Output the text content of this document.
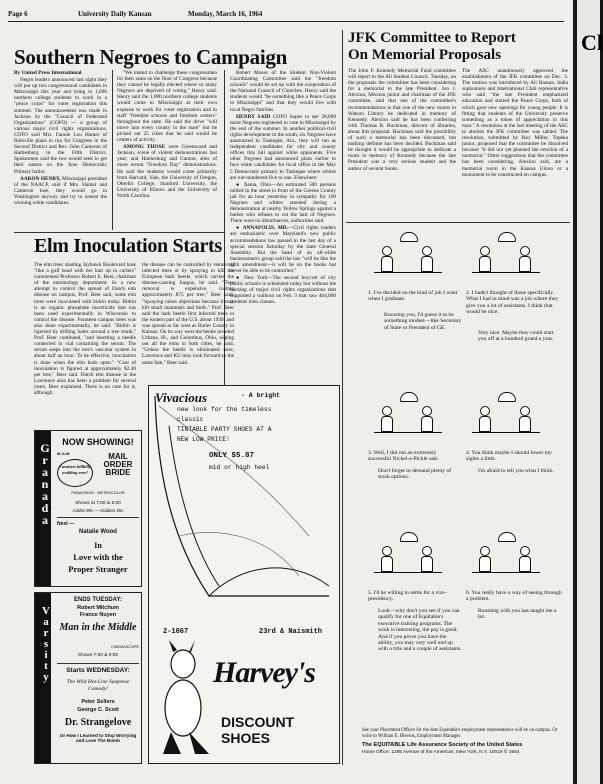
Page 6	University Daily Kansan	Monday, March 16, 1964
Southern Negroes to Campaign

By United Press International

Negro leaders announced last night they will put up two congressional candidates in Mississippi this year and bring in 1,000 northern college students to work in a "peace corps" for voter registration this summer. The announcement was made in Jackson by the "Council of Federated Organizations" (COFO) — a group of various major civil rights organizations. COFO said Mrs. Fannie Lou Hamer of Ruleville plans to run for Congress in the Second District and Rev. John Cameron of Hattiesburg in the Fifth District. Spokesmen said the two would seek to get their names on the June Democratic Primary ballot.

AARON HENRY, Mississippi president of the NAACP, said if Mrs. Hamer and Cameron lose, they would go to Washington anyway and try to unseat the winning white candidates.

"We intend to challenge these congressmen for their seats on the floor of Congress because they cannot be legally elected where so many Negroes are deprived of voting," Henry said. Henry said the 1,000 northern college students would come to Mississippi at their own expense to work for voter registration and to staff "freedom schools and freedom centers" throughout the state. He said the drive "will move into every county in the state" but be picked out 25 cities that he said would be centers of activity.

AMONG THOSE were Greenwood and Jackson, scene of violent demonstrations last year; and Hattiesburg and Canton, sites of more recent "Freedom Day" demonstrations. He said the students would come primarily from Harvard, Yale, the University of Oregon, Oberlin College, Stanford University, the University of Illinois and the University of North Carolina.

Robert Moses of the Student Non-Violent Coordinating Committee said the "freedom schools" would be set up with the cooperation of the National Council of Churches. Henry said the students would "be something like a Peace Corps to Mississippi" and that they would live with local Negro families.

HENRY SAID COFO hopes to see 28,000 more Negroes registered to vote in Mississippi by the end of the summer. In another political-civil rights development in the south, six Negroes have announced in Tuskegee, Ala., they will run as independent candidates for city and county offices this fall against white opponents. Five other Negroes had announced plans earlier to face white candidates for local office in the May 5 Democratic primary in Tuskegee where whites are out-numbered five to one. Elsewhere:

● Xenia, Ohio—An estimated 500 persons milled in the street in front of the Greene County jail for an hour yesterday in sympathy for 100 Negroes and whites arrested during a demonstration at nearby Yellow Springs against a barber who refuses to cut the hair of Negroes. There were no disturbances, authorities said.

● ANNAPOLIS, MD.—Civil rights leaders are enthusiastic over Maryland's new public accommodations law passed in the last day of a special session Saturday by the state General Assembly. But the head of an all-white businessmen's group said the law "will be like the 18th amendment—it will be on the books but never be able to be controlled."

● New York—The second boycott of city public schools is scheduled today but without the backing of major civil rights organizations that supported a walkout on Feb. 3 that saw 464,000 students miss classes.

JFK Committee to Report
On Memorial Proposals
The John F. Kennedy Memorial Fund committee will report to the All Student Council, Tuesday, on the proposals the committee has been considering for a memorial to the late President. Jon J. Alexiou, Mission junior and chairman of the JFK committee, said that one of the committee's recommendations is that one of the new rooms in Watson Library be dedicated in memory of Kennedy. Alexiou said he has been conferring with Thomas R. Buckman, director of libraries, about this proposal. Buckman said the possibility of such a memorial has been discussed, but nothing definite has been decided. Buckman said he thought it would be appropriate to dedicate a room in memory of Kennedy because the late President was a very serious student and the author of several books.
The ASC unanimously approved the establishment of the JFK committee on Dec. 3. The motion was introduced by Ali Hassan, India sophomore and International Club representative who said "the late President emphasized education and started the Peace Corps, both of which gave new openings for young people. It is fitting that students of the University preserve something as a token of appreciation to this man." A resolution at the last meeting of the ASC to abolish the JFK committee was tabled. The resolution, submitted by Roy Miller, Topeka junior, proposed that the committee be dissolved because "it did not yet planned the erection of a memorial." Other suggestions that the committee has been considering, Alexiou said, are a memorial room in the Kansas Union or a monument to be constructed on campus.
Elm Inoculation Starts
The elm trees shading Jayhawk Boulevard look "like a golf head with her hair up in curlers" commented Professor Robert E. Beer, chairman of the entomology department. In a new attempt to control the spread of Dutch elm disease on campus, Prof. Beer said, some elm trees were inoculated with bidrin today. Bidrin is an organic phosphate insecticide that has been used experimentally in Wisconsin to control the disease. Fourteen campus trees was also done experimentally, he said. "Bidrin is injected by drilling holes around a tree trunk," Prof. Beer continued, "and inserting a needle connected to vial containing the serum. The serum seeps into the tree's vascular system in about half an hour. To be effective, inoculation is done when the elm buds open." "Cost of inoculation is figured at approximately $2.40 per tree," Beer said. Dutch elm disease in the Lawrence area has been a problem for several years, Beer explained. There is no cure for it, although
the disease can be controlled by removing infected trees or by spraying to kill the European bark beetle, which carries the disease-causing fungus, he said. "Tree removal is expensive, costing approximately $75 per tree," Beer said. "Spraying raises objections because it may kill small mammals and birds." Prof. Beer said the bark beetle first infected trees in the eastern part of the U.S. about 1930, and was spread as far west as Butler County in Kansas. On its way west the beetle invaded Urbana, Ill., and Columbus, Ohio, wiping out all the elms in both cities, he said. "Unless the beetle is eliminated here, Lawrence and KU may look forward to the same fate," Beer said.
Granada	NOW SHOWING!
M-G-M
Funniest hillbilly wedding ever!
MAIL ORDER BRIDE
PANAVISION · METROCOLOR
Shows at 7:00 & 9:00
Adults 90c — Kiddies 25c
Next —
Natalie Wood
In
Love with the
Proper Stranger
Varsity
ENDS TUESDAY:
Robert Mitchum
France Nuyen
Man in the Middle
CINEMASCOPE
Shows 7:00 & 9:00
Starts WEDNESDAY:
The Wild Hot-Line Suspense Comedy!
Peter Sellers
George C. Scott
Dr. Strangelove
Or How I Learned to Stop Worrying and Love The Bomb
Vivacious	- A bright
new look for the timeless
classic
TINTABLE PARTY SHOES AT A
NEW LOW PRICE!
ONLY $5.87
mid or high heel
2-1067	23rd & Naismith
Harvey's
DISCOUNT SHOES
1. I've decided on the kind of job I want when I graduate.
Knowing you, I'd guess it to be something modest—like Secretary of State or President of GE.
2. I hadn't thought of those specifically. What I had in mind was a job where they give you a lot of assistants. I think that would be nice.
Very nice. Maybe they could start you off at a hundred grand a year.
3. Well, I did run an extremely successful Nickel-a-Pickle sale.
Don't forget to demand plenty of stock options.
4. You think maybe I should lower my sights a little.
I'm afraid to tell you what I think.
5. I'd be willing to settle for a vice-presidency.
Look—why don't you see if you can qualify for one of Equitable's executive training programs. The work is interesting, the pay is good. And if you prove you have the ability, you may very well end up with a title and a couple of assistants.
6. You really have a way of seeing through a problem.
Rooming with you has taught me a lot.
See your Placement Officer for the date Equitable's employment representative will be on campus. Or write to William E. Blevins, Employment Manager.
The EQUITABLE Life Assurance Society of the United States
Home Office: 1285 Avenue of the Americas, New York, N.Y. 10019 © 1964
Cl
